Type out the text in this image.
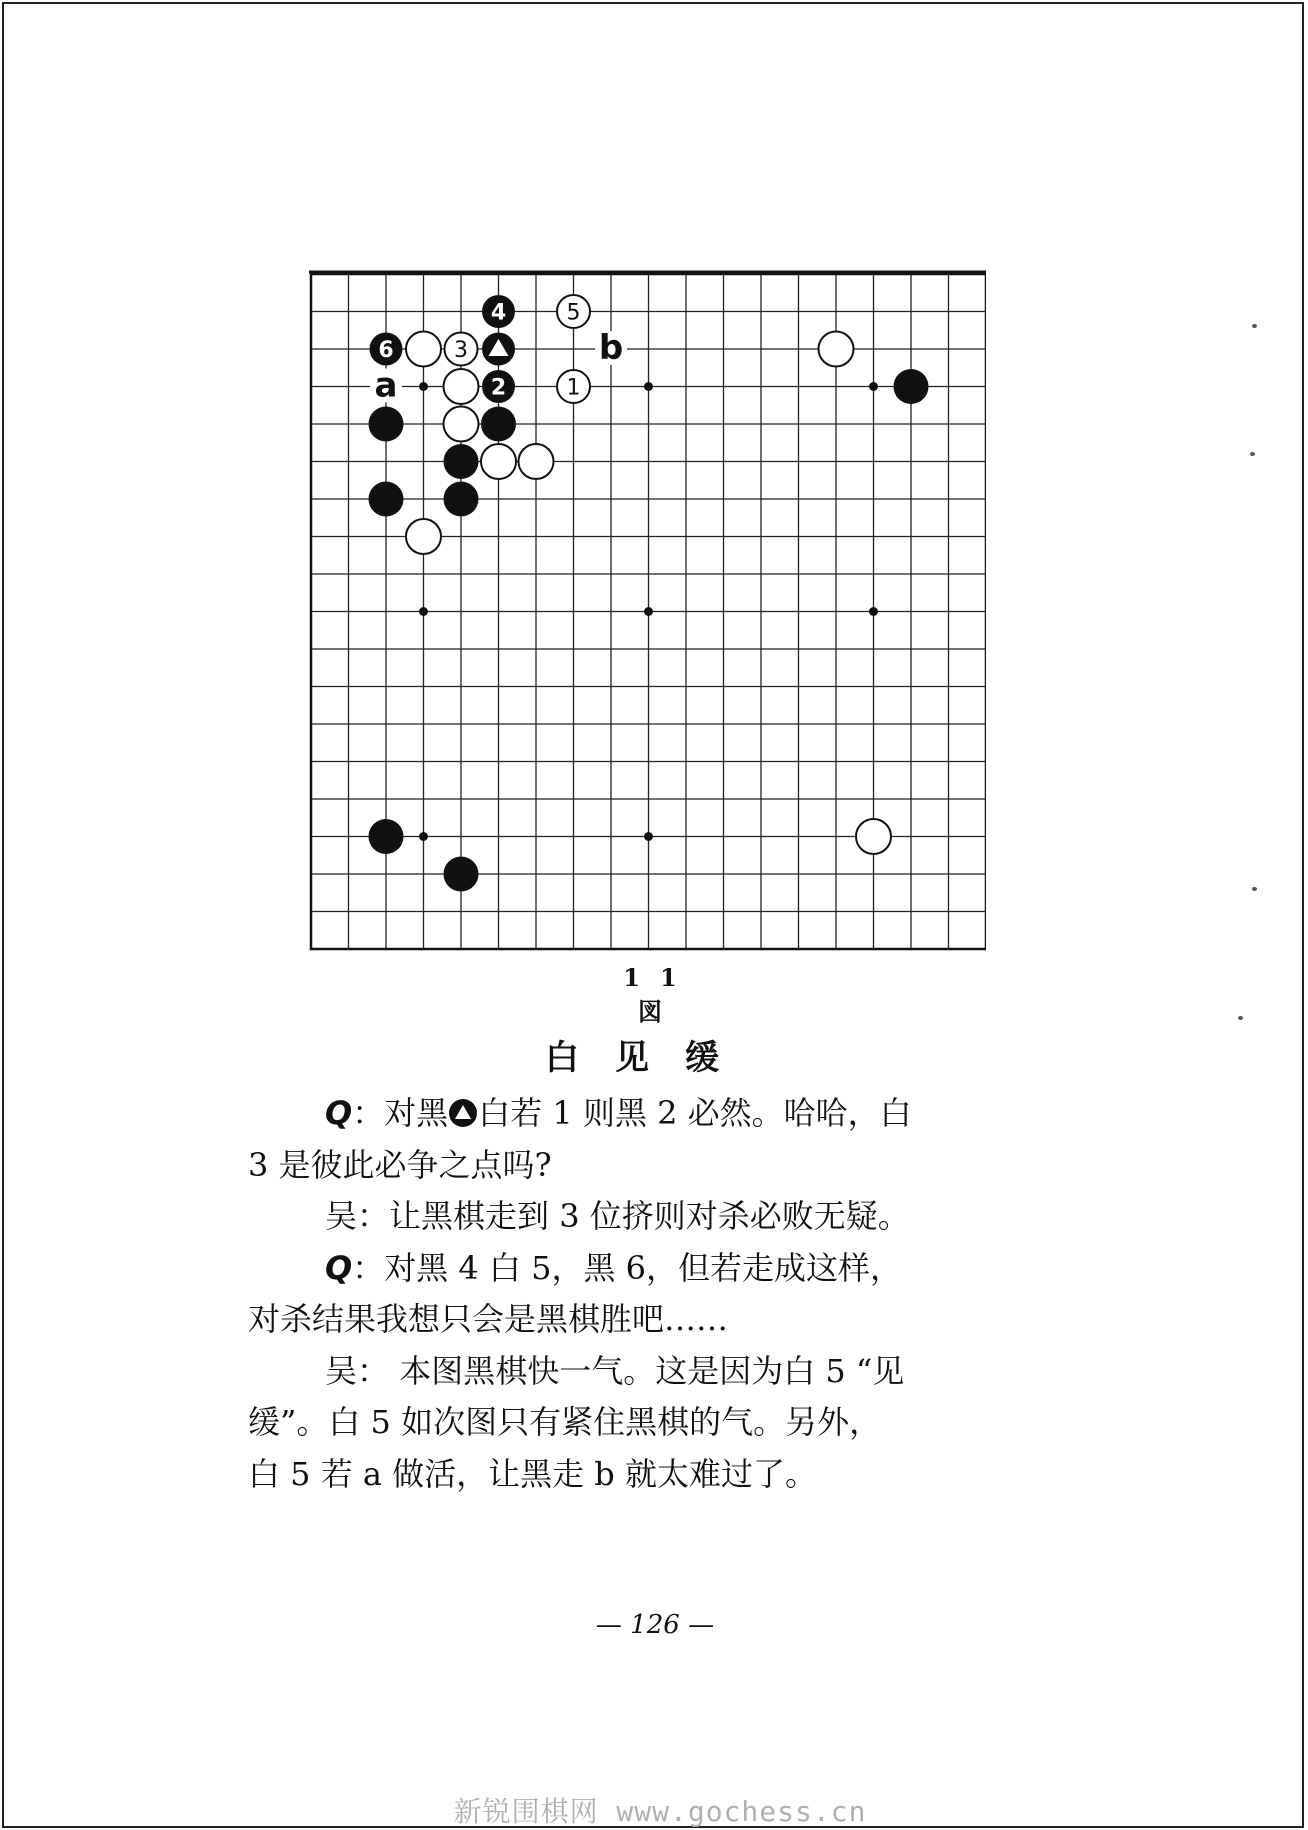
4
6
2
5
3
1
a
b
11 図
白见缓

Q：对黑 白若 1 则黑 2 必然。哈哈，白

3 是彼此必争之点吗?

吴：让黑棋走到 3 位挤则对杀必败无疑。

Q：对黑 4 白 5，黑 6，但若走成这样，

对杀结果我想只会是黑棋胜吧……

吴： 本图黑棋快一气。这是因为白 5 “见

缓”。白 5 如次图只有紧住黑棋的气。另外，

白 5 若 a 做活，让黑走 b 就太难过了。

— 126 —
新锐围棋网 www.gochess.cn
